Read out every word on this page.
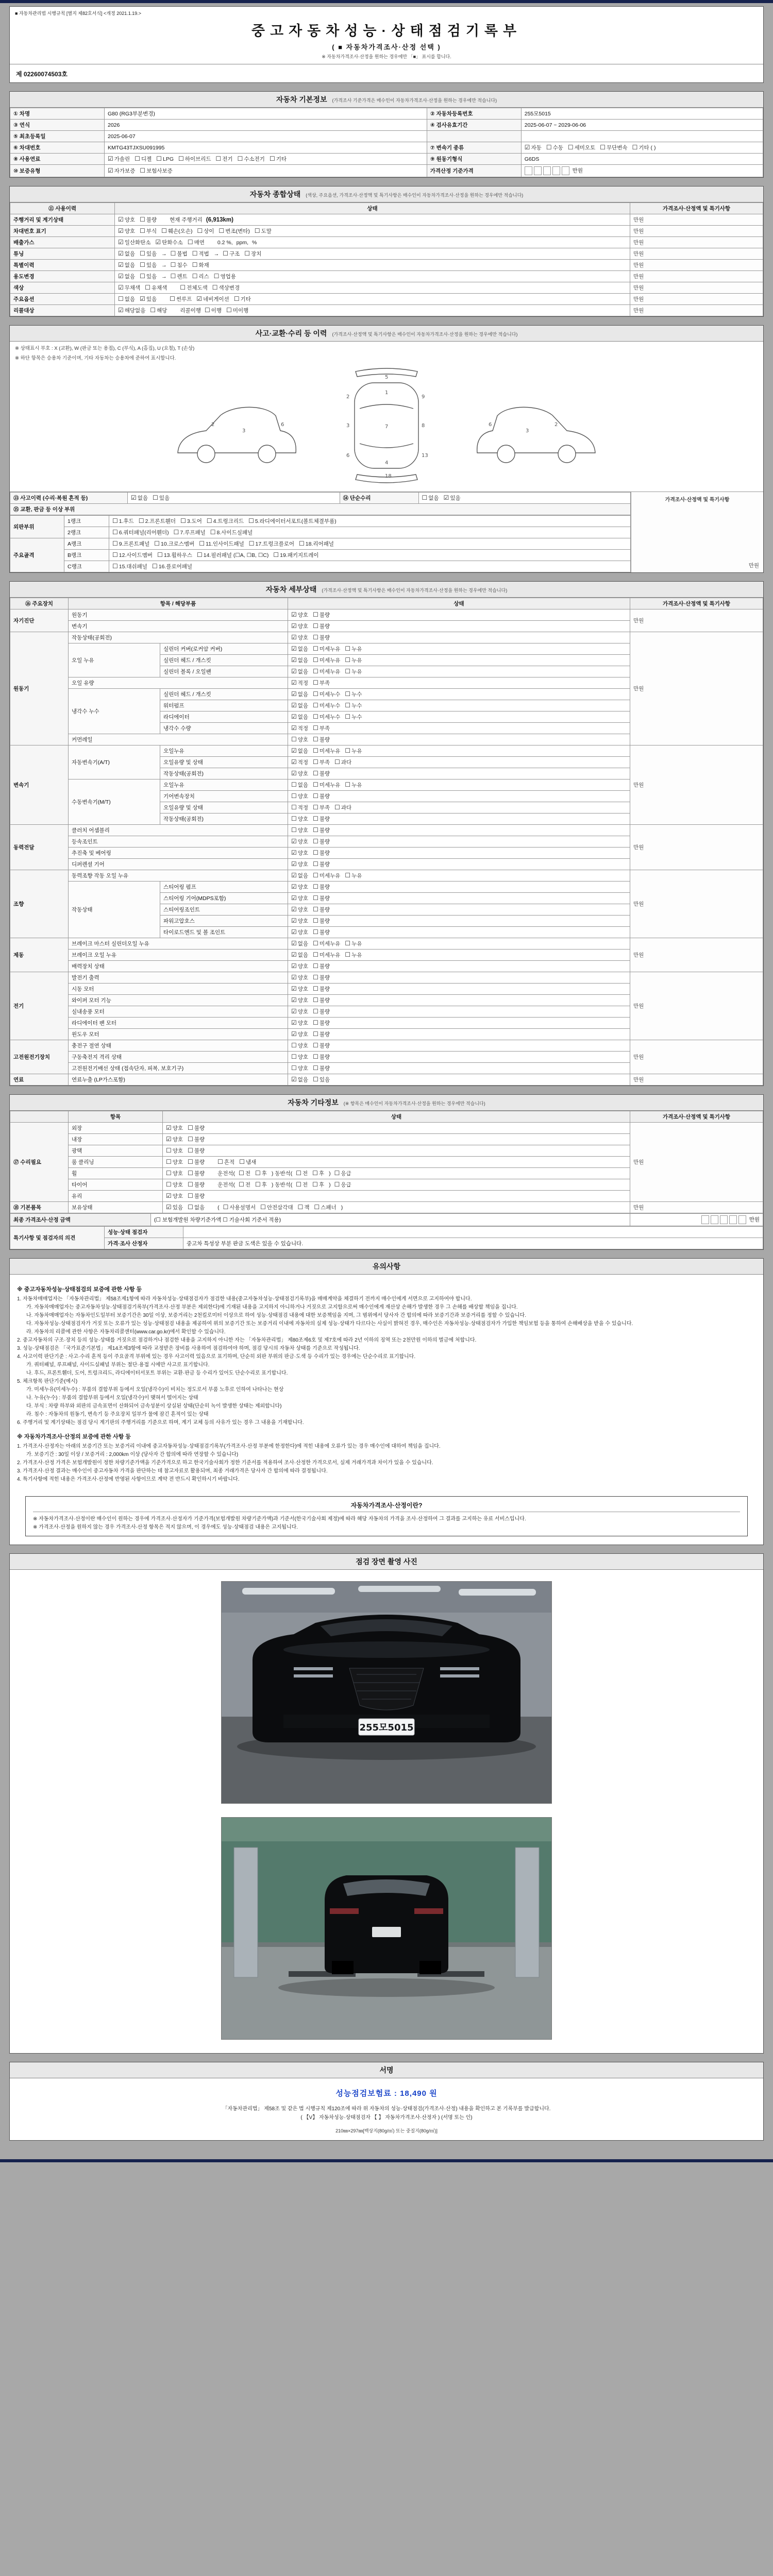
■ 자동차관리법 시행규칙 [별지 제82호서식] <개정 2021.1.19.>
중고자동차성능·상태점검기록부
( ■ 자동차가격조사·산정 선택 )
※ 자동차가격조사·산정을 원하는 경우에만 「■」 표시를 합니다.
제 02260074503호
자동차 기본정보 (가격조사 기준가격은 매수인이 자동차가격조사·산정을 원하는 경우에만 적습니다)
① 차명	G80 (RG3부분변경)	② 자동차등록번호	255모5015
③ 연식	2026	④ 검사유효기간	2025-06-07 ~ 2029-06-06
⑤ 최초등록일	2025-06-07		
⑥ 차대번호	KMTG43TJXSU091995	⑦ 변속기 종류	☑ 자동 ☐ 수동 ☐ 세미오토 ☐ 무단변속 ☐ 기타 ( )
⑧ 사용연료	☑ 가솔린 ☐ 디젤 ☐ LPG ☐ 하이브리드 ☐ 전기 ☐ 수소전기 ☐ 기타	⑨ 원동기형식	G6DS
⑩ 보증유형	☑ 자가보증 ☐ 보험사보증	가격산정 기준가격	만원
자동차 종합상태 (색상, 주요옵션, 가격조사·산정액 및 특기사항은 매수인이 자동차가격조사·산정을 원하는 경우에만 적습니다)
⑪ 사용이력	상태	가격조사·산정액 및 특기사항
주행거리 및 계기상태	☑ 양호 ☐ 불량 현재 주행거리 (6,913km)	만원
차대번호 표기	☑ 양호 ☐ 부식 ☐ 훼손(오손) ☐ 상이 ☐ 변조(변타) ☐ 도말	만원
배출가스	☑ 일산화탄소 ☑ 탄화수소 ☐ 매연 0.2 %, ppm, %	만원
튜닝	☑ 없음 ☐ 있음 → ☐ 불법 ☐ 적법 → ☐ 구조 ☐ 장치	만원
특별이력	☑ 없음 ☐ 있음 → ☐ 침수 ☐ 화재	만원
용도변경	☑ 없음 ☐ 있음 → ☐ 렌트 ☐ 리스 ☐ 영업용	만원
색상	☑ 무채색 ☐ 유채색 ☐ 전체도색 ☐ 색상변경	만원
주요옵션	☐ 없음 ☑ 있음 ☐ 썬루프 ☑ 네비게이션 ☐ 기타	만원
리콜대상	☑ 해당없음 ☐ 해당 리콜이행 ☐ 이행 ☐ 미이행	만원
사고·교환·수리 등 이력 (가격조사·산정액 및 특기사항은 매수인이 자동차가격조사·산정을 원하는 경우에만 적습니다)
※ 상태표시 부호 : X (교환), W (판금 또는 용접), C (부식), A (흠집), U (요철), T (손상)
※ 하단 항목은 승용차 기준이며, 기타 자동차는 승용차에 준하여 표시합니다.
2
3
6
5
1
7
4
18
2
3
6
9
8
13
2
3
6
⑬ 사고이력 (수리·복원 흔적 등)	☑ 없음 ☐ 있음	⑭ 단순수리	☐ 없음 ☑ 있음
⑮ 교환, 판금 등 이상 부위
외판부위	1랭크	☐ 1.후드 ☐ 2.프론트휀더 ☐ 3.도어 ☐ 4.트렁크리드 ☐ 5.라디에이터서포트(볼트체결부품)
	2랭크	☐ 6.쿼터패널(리어휀더) ☐ 7.루프패널 ☐ 8.사이드실패널
주요골격	A랭크	☐ 9.프론트패널 ☐ 10.크로스멤버 ☐ 11.인사이드패널 ☐ 17.트렁크플로어 ☐ 18.리어패널
	B랭크	☐ 12.사이드멤버 ☐ 13.휠하우스 ☐ 14.필러패널 (☐A, ☐B, ☐C) ☐ 19.패키지트레이
	C랭크	☐ 15.대쉬패널 ☐ 16.플로어패널
가격조사·산정액 및 특기사항
만원
자동차 세부상태 (가격조사·산정액 및 특기사항은 매수인이 자동차가격조사·산정을 원하는 경우에만 적습니다)
⑯ 주요장치	항목 / 해당부품		상태	가격조사·산정액 및 특기사항
자기진단	원동기		☑ 양호 ☐ 불량	만원
	변속기		☑ 양호 ☐ 불량	
원동기	작동상태(공회전)		☑ 양호 ☐ 불량	만원
	오일 누유	실린더 커버(로커암 커버)	☑ 없음 ☐ 미세누유 ☐ 누유	
		실린더 헤드 / 개스킷	☑ 없음 ☐ 미세누유 ☐ 누유	
		실린더 블록 / 오일팬	☑ 없음 ☐ 미세누유 ☐ 누유	
	오일 유량		☑ 적정 ☐ 부족	
	냉각수 누수	실린더 헤드 / 개스킷	☑ 없음 ☐ 미세누수 ☐ 누수	
		워터펌프	☑ 없음 ☐ 미세누수 ☐ 누수	
		라디에이터	☑ 없음 ☐ 미세누수 ☐ 누수	
		냉각수 수량	☑ 적정 ☐ 부족	
	커먼레일		☐ 양호 ☐ 불량	
변속기	자동변속기(A/T)	오일누유	☑ 없음 ☐ 미세누유 ☐ 누유	만원
		오일유량 및 상태	☑ 적정 ☐ 부족 ☐ 과다	
		작동상태(공회전)	☑ 양호 ☐ 불량	
	수동변속기(M/T)	오일누유	☐ 없음 ☐ 미세누유 ☐ 누유	
		기어변속장치	☐ 양호 ☐ 불량	
		오일유량 및 상태	☐ 적정 ☐ 부족 ☐ 과다	
		작동상태(공회전)	☐ 양호 ☐ 불량	
동력전달	클러치 어셈블리		☐ 양호 ☐ 불량	만원
	등속조인트		☑ 양호 ☐ 불량	
	추진축 및 베어링		☑ 양호 ☐ 불량	
	디퍼렌셜 기어		☑ 양호 ☐ 불량	
조향	동력조향 작동 오일 누유		☑ 없음 ☐ 미세누유 ☐ 누유	만원
	작동상태	스티어링 펌프	☑ 양호 ☐ 불량	
		스티어링 기어(MDPS포함)	☑ 양호 ☐ 불량	
		스티어링조인트	☑ 양호 ☐ 불량	
		파워고압호스	☑ 양호 ☐ 불량	
		타이로드엔드 및 볼 조인트	☑ 양호 ☐ 불량	
제동	브레이크 마스터 실린더오일 누유		☑ 없음 ☐ 미세누유 ☐ 누유	만원
	브레이크 오일 누유		☑ 없음 ☐ 미세누유 ☐ 누유	
	배력장치 상태		☑ 양호 ☐ 불량	
전기	발전기 출력		☑ 양호 ☐ 불량	만원
	시동 모터		☑ 양호 ☐ 불량	
	와이퍼 모터 기능		☑ 양호 ☐ 불량	
	실내송풍 모터		☑ 양호 ☐ 불량	
	라디에이터 팬 모터		☑ 양호 ☐ 불량	
	윈도우 모터		☑ 양호 ☐ 불량	
고전원전기장치	충전구 절연 상태		☐ 양호 ☐ 불량	만원
	구동축전지 격리 상태		☐ 양호 ☐ 불량	
	고전원전기배선 상태 (접속단자, 피복, 보호기구)		☐ 양호 ☐ 불량	
연료	연료누출 (LP가스포함)		☑ 없음 ☐ 있음	만원
자동차 기타정보 (※ 항목은 매수인이 자동차가격조사·산정을 원하는 경우에만 적습니다)
	항목	상태	가격조사·산정액 및 특기사항
⑰ 수리필요	외장	☑ 양호 ☐ 불량	만원
	내장	☑ 양호 ☐ 불량	
	광택	☐ 양호 ☐ 불량	
	룸 클리닝	☐ 양호 ☐ 불량 ☐ 흔적 ☐ 냄새	
	휠	☐ 양호 ☐ 불량 운전석( ☐ 전 ☐ 후 ) 동반석( ☐ 전 ☐ 후 ) ☐ 응급	
	타이어	☐ 양호 ☐ 불량 운전석( ☐ 전 ☐ 후 ) 동반석( ☐ 전 ☐ 후 ) ☐ 응급	
	유리	☑ 양호 ☐ 불량	
⑱ 기본품목	보유상태	☑ 있음 ☐ 없음 ( ☐ 사용설명서 ☐ 안전삼각대 ☐ 잭 ☐ 스패너 )	만원
최종 가격조사·산정 금액	(☐ 보험개발원 차량기준가액 ☐ 기술사회 기준서 적용)	만원
특기사항 및 점검자의 의견	성능·상태 점검자	
	가격·조사 산정자	중고차 특성상 부분 판금 도색은 있을 수 있습니다.
유의사항
※ 중고자동차성능·상태점검의 보증에 관한 사항 등
1. 자동차매매업자는 「자동차관리법」 제58조제1항에 따라 자동차성능·상태점검자가 점검한 내용(중고자동차성능·상태점검기록부)을 매매계약을 체결하기 전까지 매수인에게 서면으로 고지하여야 합니다.
가. 자동차매매업자는 중고자동차성능·상태점검기록부(가격조사·산정 부분은 제외한다)에 기재된 내용을 고지하지 아니하거나 거짓으로 고지함으로써 매수인에게 재산상 손해가 발생한 경우 그 손해를 배상할 책임을 집니다.
나. 자동차매매업자는 자동차인도일부터 보증기간은 30일 이상, 보증거리는 2천킬로미터 이상으로 하여 성능·상태점검 내용에 대한 보증책임을 지며, 그 범위에서 당사자 간 합의에 따라 보증기간과 보증거리를 정할 수 있습니다.
다. 자동차성능·상태점검자가 거짓 또는 오류가 있는 성능·상태점검 내용을 제공하여 위의 보증기간 또는 보증거리 이내에 자동차의 실제 성능·상태가 다르다는 사실이 밝혀진 경우, 매수인은 자동차성능·상태점검자가 가입한 책임보험 등을 통하여 손해배상을 받을 수 있습니다.
라. 자동차의 리콜에 관한 사항은 자동차리콜센터(www.car.go.kr)에서 확인할 수 있습니다.
2. 중고자동차의 구조·장치 등의 성능·상태를 거짓으로 점검하거나 점검한 내용을 고지하지 아니한 자는 「자동차관리법」 제80조제6호 및 제7호에 따라 2년 이하의 징역 또는 2천만원 이하의 벌금에 처합니다.
3. 성능·상태점검은 「국가표준기본법」 제14조제3항에 따라 교정받은 장비를 사용하여 점검하여야 하며, 점검 당시의 자동차 상태를 기준으로 작성됩니다.
4. 사고이력 판단기준 : 사고·수리 흔적 등이 주요골격 부위에 있는 경우 사고이력 있음으로 표기하며, 단순히 외판 부위의 판금·도색 등 수리가 있는 경우에는 단순수리로 표기합니다.
가. 쿼터패널, 루프패널, 사이드실패널 부위는 절단·용접 시에만 사고로 표기합니다.
나. 후드, 프론트휀더, 도어, 트렁크리드, 라디에이터서포트 부위는 교환·판금 등 수리가 있어도 단순수리로 표기합니다.
5. 체크항목 판단기준(예시)
가. 미세누유(미세누수) : 부품의 결합부위 등에서 오일(냉각수)이 비치는 정도로서 부품 노후로 인하여 나타나는 현상
나. 누유(누수) : 부품의 결합부위 등에서 오일(냉각수)이 맺혀서 떨어지는 상태
다. 부식 : 차량 하부와 외판의 금속표면이 산화되어 금속성분이 상실된 상태(단순히 녹이 발생한 상태는 제외합니다)
라. 침수 : 자동차의 원동기, 변속기 등 주요장치 일부가 물에 잠긴 흔적이 있는 상태
6. 주행거리 및 계기상태는 점검 당시 계기판의 주행거리를 기준으로 하며, 계기 교체 등의 사유가 있는 경우 그 내용을 기재합니다.
※ 자동차가격조사·산정의 보증에 관한 사항 등
1. 가격조사·산정자는 아래의 보증기간 또는 보증거리 이내에 중고자동차성능·상태점검기록부(가격조사·산정 부분에 한정한다)에 적힌 내용에 오류가 있는 경우 매수인에 대하여 책임을 집니다.
가. 보증기간 : 30일 이상 / 보증거리 : 2,000km 이상 (당사자 간 합의에 따라 연장할 수 있습니다)
2. 가격조사·산정 가격은 보험개발원이 정한 차량기준가액을 기준가격으로 하고 한국기술사회가 정한 기준서를 적용하여 조사·산정한 가격으로서, 실제 거래가격과 차이가 있을 수 있습니다.
3. 가격조사·산정 결과는 매수인이 중고자동차 가격을 판단하는 데 참고자료로 활용되며, 최종 거래가격은 당사자 간 합의에 따라 결정됩니다.
4. 특기사항에 적힌 내용은 가격조사·산정에 반영된 사항이므로 계약 전 반드시 확인하시기 바랍니다.
자동차가격조사·산정이란?
※ 자동차가격조사·산정이란 매수인이 원하는 경우에 가격조사·산정자가 기준가격(보험개발원 차량기준가액)과 기준서(한국기술사회 제정)에 따라 해당 자동차의 가격을 조사·산정하여 그 결과를 고지하는 유료 서비스입니다.
※ 가격조사·산정을 원하지 않는 경우 가격조사·산정 항목은 적지 않으며, 이 경우에도 성능·상태점검 내용은 고지됩니다.
점검 장면 촬영 사진
255모5015
서명
성능점검보험료 : 18,490 원
「자동차관리법」 제58조 및 같은 법 시행규칙 제120조에 따라 위 자동차의 성능·상태점검(가격조사·산정) 내용을 확인하고 본 기록부를 발급합니다.
( 【V】 자동차성능·상태점검자 【 】 자동차가격조사·산정자 ) (서명 또는 인)
210㎜×297㎜[백상지(80g/㎡) 또는 중질지(80g/㎡)]
